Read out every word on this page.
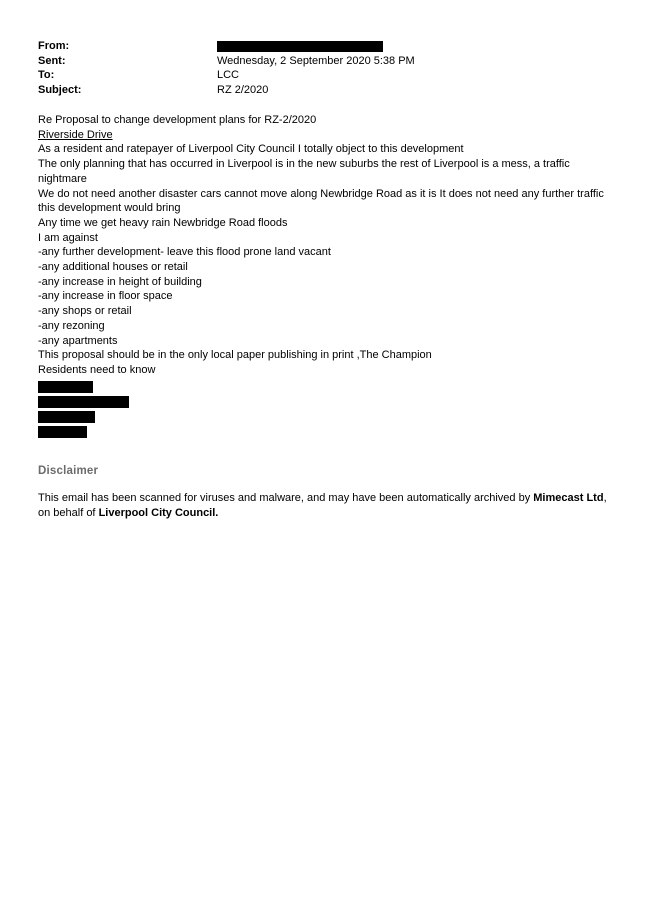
From:
Sent:	Wednesday, 2 September 2020 5:38 PM
To:	LCC
Subject:	RZ 2/2020

Re Proposal to change development plans for RZ-2/2020

Riverside Drive

As a resident and ratepayer of Liverpool City Council I totally object to this development

The only planning that has occurred in Liverpool is in the new suburbs the rest of Liverpool is a mess, a traffic nightmare

We do not need another disaster cars cannot move along Newbridge Road as it is It does not need any further traffic this development would bring

Any time we get heavy rain Newbridge Road floods

I am against

-any further development- leave this flood prone land vacant

-any additional houses or retail

-any increase in height of building

-any increase in floor space

-any shops or retail

-any rezoning

-any apartments

This proposal should be in the only local paper publishing in print ,The Champion

Residents need to know

Disclaimer
This email has been scanned for viruses and malware, and may have been automatically archived by Mimecast Ltd, on behalf of Liverpool City Council.
